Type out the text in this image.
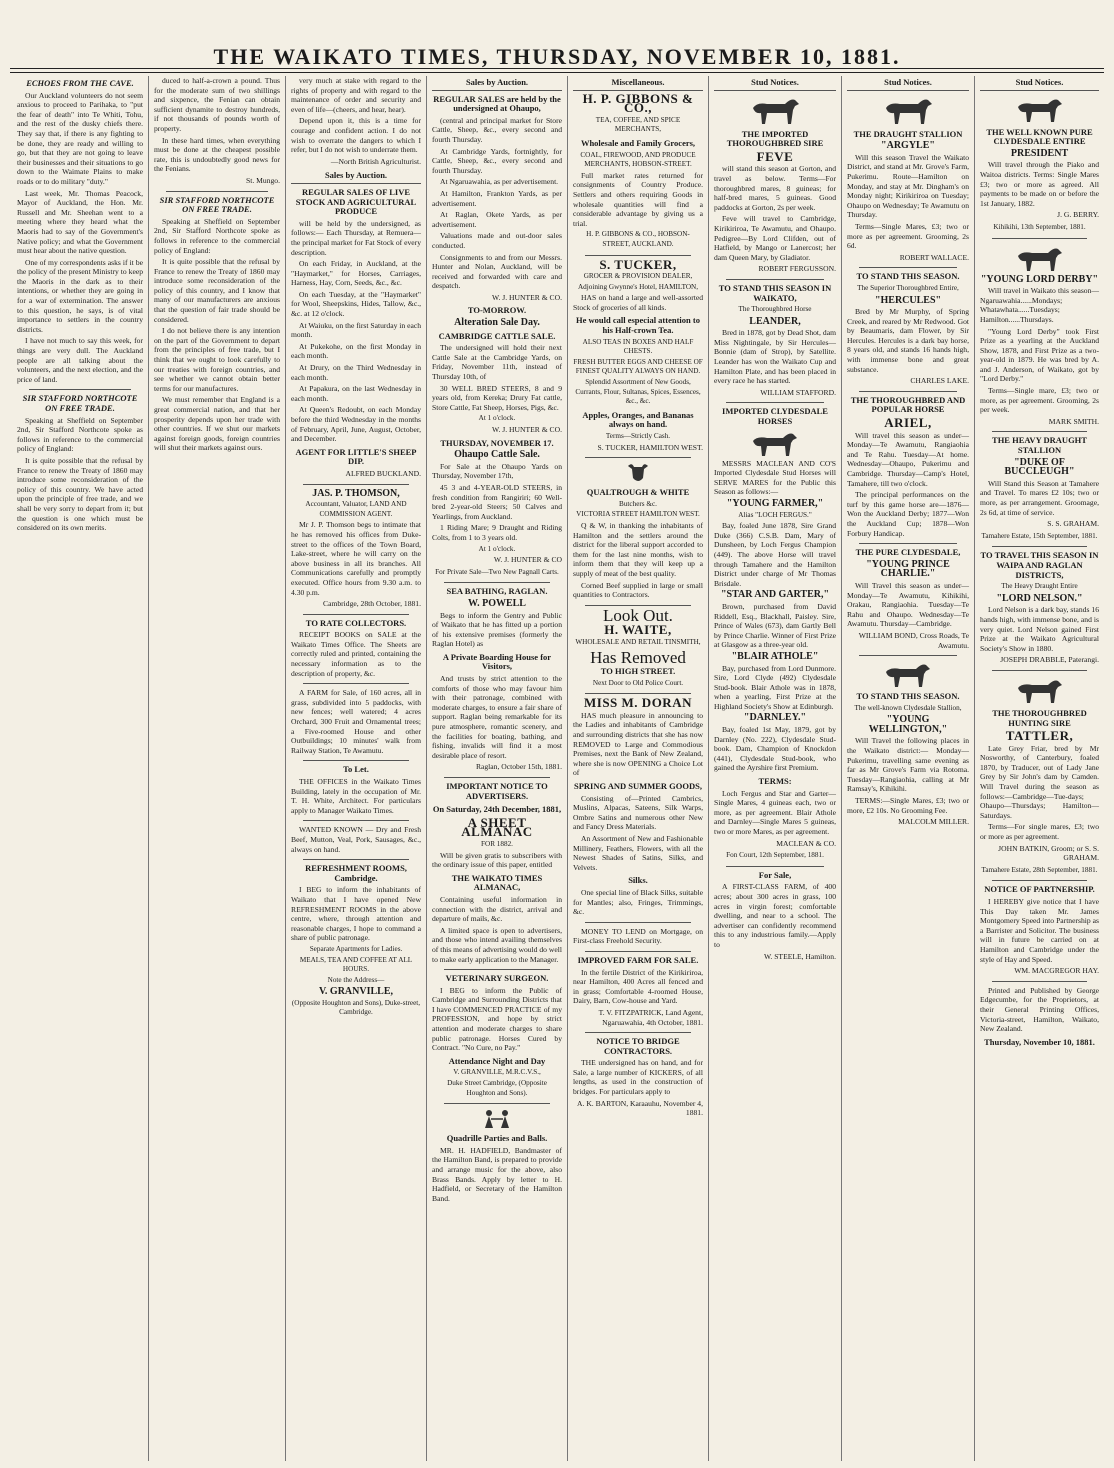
THE WAIKATO TIMES, THURSDAY, NOVEMBER 10, 1881.
ECHOES FROM THE CAVE.

Our Auckland volunteers do not seem anxious to proceed to Parihaka, to "put the fear of death" into Te Whiti, Tohu, and the rest of the dusky chiefs there. They say that, if there is any fighting to be done, they are ready and willing to go, but that they are not going to leave their businesses and their situations to go down to the Waimate Plains to make roads or to do military "duty."

Last week, Mr. Thomas Peacock, Mayor of Auckland, the Hon. Mr. Russell and Mr. Sheehan went to a meeting where they heard what the Maoris had to say of the Government's Native policy; and what the Government must hear about the native question.

One of my correspondents asks if it be the policy of the present Ministry to keep the Maoris in the dark as to their intentions, or whether they are going in for a war of extermination. The answer to this question, he says, is of vital importance to settlers in the country districts.

I have not much to say this week, for things are very dull. The Auckland people are all talking about the volunteers, and the next election, and the price of land.

SIR STAFFORD NORTHCOTE ON FREE TRADE.

Speaking at Sheffield on September 2nd, Sir Stafford Northcote spoke as follows in reference to the commercial policy of England:

It is quite possible that the refusal by France to renew the Treaty of 1860 may introduce some reconsideration of the policy of this country. We have acted upon the principle of free trade, and we shall be very sorry to depart from it; but the question is one which must be considered on its own merits.

duced to half-a-crown a pound. Thus for the moderate sum of two shillings and sixpence, the Fenian can obtain sufficient dynamite to destroy hundreds, if not thousands of pounds worth of property.

In these hard times, when everything must be done at the cheapest possible rate, this is undoubtedly good news for the Fenians.

St. Mungo.
SIR STAFFORD NORTHCOTE ON FREE TRADE.

Speaking at Sheffield on September 2nd, Sir Stafford Northcote spoke as follows in reference to the commercial policy of England:

It is quite possible that the refusal by France to renew the Treaty of 1860 may introduce some reconsideration of the policy of this country, and I know that many of our manufacturers are anxious that the question of fair trade should be considered.

I do not believe there is any intention on the part of the Government to depart from the principles of free trade, but I think that we ought to look carefully to our treaties with foreign countries, and see whether we cannot obtain better terms for our manufactures.

We must remember that England is a great commercial nation, and that her prosperity depends upon her trade with other countries. If we shut our markets against foreign goods, foreign countries will shut their markets against ours.

very much at stake with regard to the rights of property and with regard to the maintenance of order and security and even of life—(cheers, and hear, hear).

Depend upon it, this is a time for courage and confident action. I do not wish to overrate the dangers to which I refer, but I do not wish to underrate them.

—North British Agriculturist.
Sales by Auction.
REGULAR SALES OF LIVE STOCK AND AGRICULTURAL PRODUCE

will be held by the undersigned, as follows:— Each Thursday, at Remuera—the principal market for Fat Stock of every description.

On each Friday, in Auckland, at the "Haymarket," for Horses, Carriages, Harness, Hay, Corn, Seeds, &c., &c.

On each Tuesday, at the "Haymarket" for Wool, Sheepskins, Hides, Tallow, &c., &c. at 12 o'clock.

At Waiuku, on the first Saturday in each month.

At Pukekohe, on the first Monday in each month.

At Drury, on the Third Wednesday in each month.

At Papakura, on the last Wednesday in each month.

At Queen's Redoubt, on each Monday before the third Wednesday in the months of February, April, June, August, October, and December.

AGENT FOR LITTLE'S SHEEP DIP.
ALFRED BUCKLAND.
JAS. P. THOMSON,
Accountant, Valuator, LAND AND COMMISSION AGENT.

Mr J. P. Thomson begs to intimate that he has removed his offices from Duke-street to the offices of the Town Board, Lake-street, where he will carry on the above business in all its branches. All Communications carefully and promptly executed. Office hours from 9.30 a.m. to 4.30 p.m.

Cambridge, 28th October, 1881.
TO RATE COLLECTORS.

RECEIPT BOOKS on SALE at the Waikato Times Office. The Sheets are correctly ruled and printed, containing the necessary information as to the description of property, &c.

A FARM for Sale, of 160 acres, all in grass, subdivided into 5 paddocks, with new fences; well watered; 4 acres Orchard, 300 Fruit and Ornamental trees; a Five-roomed House and other Outbuildings; 10 minutes' walk from Railway Station, Te Awamutu.

To Let.

THE OFFICES in the Waikato Times Building, lately in the occupation of Mr. T. H. White, Architect. For particulars apply to Manager Waikato Times.

WANTED KNOWN — Dry and Fresh Beef, Mutton, Veal, Pork, Sausages, &c., always on hand.

REFRESHMENT ROOMS, Cambridge.

I BEG to inform the inhabitants of Waikato that I have opened New REFRESHMENT ROOMS in the above centre, where, through attention and reasonable charges, I hope to command a share of public patronage.

Separate Apartments for Ladies.
MEALS, TEA AND COFFEE AT ALL HOURS.
Note the Address—
V. GRANVILLE,
(Opposite Houghton and Sons), Duke-street, Cambridge.
Sales by Auction.
REGULAR SALES are held by the undersigned at Ohaupo,

(central and principal market for Store Cattle, Sheep, &c., every second and fourth Thursday.

At Cambridge Yards, fortnightly, for Cattle, Sheep, &c., every second and fourth Thursday.

At Ngaruawahia, as per advertisement.

At Hamilton, Frankton Yards, as per advertisement.

At Raglan, Okete Yards, as per advertisement.

Valuations made and out-door sales conducted.

Consignments to and from our Messrs. Hunter and Nolan, Auckland, will be received and forwarded with care and despatch.

W. J. HUNTER & CO.
TO-MORROW.
Alteration Sale Day.
CAMBRIDGE CATTLE SALE.

The undersigned will hold their next Cattle Sale at the Cambridge Yards, on Friday, November 11th, instead of Thursday 10th, of

30 WELL BRED STEERS, 8 and 9 years old, from Kereka; Drury Fat cattle, Store Cattle, Fat Sheep, Horses, Pigs, &c.

At 1 o'clock.
W. J. HUNTER & CO.
THURSDAY, NOVEMBER 17.
Ohaupo Cattle Sale.

For Sale at the Ohaupo Yards on Thursday, November 17th,

45 3 and 4-YEAR-OLD STEERS, in fresh condition from Rangiriri; 60 Well-bred 2-year-old Steers; 50 Calves and Yearlings, from Auckland.

1 Riding Mare; 9 Draught and Riding Colts, from 1 to 3 years old.

At 1 o'clock.
W. J. HUNTER & CO
For Private Sale—Two New Pagnall Carts.
SEA BATHING, RAGLAN.
W. POWELL

Begs to inform the Gentry and Public of Waikato that he has fitted up a portion of his extensive premises (formerly the Raglan Hotel) as

A Private Boarding House for Visitors,

And trusts by strict attention to the comforts of those who may favour him with their patronage, combined with moderate charges, to ensure a fair share of support. Raglan being remarkable for its pure atmosphere, romantic scenery, and the facilities for boating, bathing, and fishing, invalids will find it a most desirable place of resort.

Raglan, October 15th, 1881.
IMPORTANT NOTICE TO ADVERTISERS.
On Saturday, 24th December, 1881,
A SHEET ALMANAC
FOR 1882.

Will be given gratis to subscribers with the ordinary issue of this paper, entitled

THE WAIKATO TIMES ALMANAC,

Containing useful information in connection with the district, arrival and departure of mails, &c.

A limited space is open to advertisers, and those who intend availing themselves of this means of advertising would do well to make early application to the Manager.

VETERINARY SURGEON.

I BEG to inform the Public of Cambridge and Surrounding Districts that I have COMMENCED PRACTICE of my PROFESSION, and hope by strict attention and moderate charges to share public patronage. Horses Cured by Contract. "No Cure, no Pay."

Attendance Night and Day
V. GRANVILLE, M.R.C.V.S.,
Duke Street Cambridge, (Opposite Houghton and Sons).
Quadrille Parties and Balls.

MR. H. HADFIELD, Bandmaster of the Hamilton Band, is prepared to provide and arrange music for the above, also Brass Bands. Apply by letter to H. Hadfield, or Secretary of the Hamilton Band.

Miscellaneous.
H. P. GIBBONS & CO.,
TEA, COFFEE, AND SPICE MERCHANTS,
Wholesale and Family Grocers,
COAL, FIREWOOD, AND PRODUCE MERCHANTS, HOBSON-STREET.

Full market rates returned for consignments of Country Produce. Settlers and others requiring Goods in wholesale quantities will find a considerable advantage by giving us a trial.

H. P. GIBBONS & CO., HOBSON-STREET, AUCKLAND.
S. TUCKER,
GROCER & PROVISION DEALER,
Adjoining Gwynne's Hotel, HAMILTON,

HAS on hand a large and well-assorted Stock of groceries of all kinds.

He would call especial attention to his Half-crown Tea.
ALSO TEAS IN BOXES AND HALF CHESTS.
FRESH BUTTER EGGS AND CHEESE OF FINEST QUALITY ALWAYS ON HAND.
Splendid Assortment of New Goods, Currants, Flour, Sultanas, Spices, Essences, &c., &c.
Apples, Oranges, and Bananas always on hand.
Terms—Strictly Cash.
S. TUCKER, HAMILTON WEST.
QUALTROUGH & WHITE
Butchers &c.
VICTORIA STREET HAMILTON WEST.

Q & W, in thanking the inhabitants of Hamilton and the settlers around the district for the liberal support accorded to them for the last nine months, wish to inform them that they will keep up a supply of meat of the best quality.

Corned Beef supplied in large or small quantities to Contractors.

Look Out.
H. WAITE,
WHOLESALE AND RETAIL TINSMITH,
Has Removed
TO HIGH STREET.
Next Door to Old Police Court.
MISS M. DORAN

HAS much pleasure in announcing to the Ladies and inhabitants of Cambridge and surrounding districts that she has now REMOVED to Large and Commodious Premises, next the Bank of New Zealand, where she is now OPENING a Choice Lot of

SPRING AND SUMMER GOODS,

Consisting of—Printed Cambrics, Muslins, Alpacas, Sateens, Silk Warps, Ombre Satins and numerous other New and Fancy Dress Materials.

An Assortment of New and Fashionable Millinery, Feathers, Flowers, with all the Newest Shades of Satins, Silks, and Velvets.

Silks.

One special line of Black Silks, suitable for Mantles; also, Fringes, Trimmings, &c.

MONEY TO LEND on Mortgage, on First-class Freehold Security.

IMPROVED FARM FOR SALE.

In the fertile District of the Kirikiriroa, near Hamilton, 400 Acres all fenced and in grass; Comfortable 4-roomed House, Dairy, Barn, Cow-house and Yard.

T. V. FITZPATRICK, Land Agent, Ngaruawahia, 4th October, 1881.
NOTICE TO BRIDGE CONTRACTORS.

THE undersigned has on hand, and for Sale, a large number of KICKERS, of all lengths, as used in the construction of bridges. For particulars apply to

A. K. BARTON, Karaauhu, November 4, 1881.
Stud Notices.
THE IMPORTED THOROUGHBRED SIRE
FEVE

will stand this season at Gorton, and travel as below. Terms—For thoroughbred mares, 8 guineas; for half-bred mares, 5 guineas. Good paddocks at Gorton, 2s per week.

Feve will travel to Cambridge, Kirikiriroa, Te Awamutu, and Ohaupo. Pedigree—By Lord Clifden, out of Hatfield, by Mango or Lanercost; her dam Queen Mary, by Gladiator.

ROBERT FERGUSSON.
TO STAND THIS SEASON IN WAIKATO,
The Thoroughbred Horse
LEANDER,

Bred in 1878, got by Dead Shot, dam Miss Nightingale, by Sir Hercules—Bonnie (dam of Strop), by Satellite. Leander has won the Waikato Cup and Hamilton Plate, and has been placed in every race he has started.

WILLIAM STAFFORD.
IMPORTED CLYDESDALE HORSES

MESSRS MACLEAN AND CO'S Imported Clydesdale Stud Horses will SERVE MARES for the Public this Season as follows:—

"YOUNG FARMER,"
Alias "LOCH FERGUS."

Bay, foaled June 1878, Sire Grand Duke (366) C.S.B. Dam, Mary of Dunsheen, by Loch Fergus Champion (449). The above Horse will travel through Tamahere and the Hamilton District under charge of Mr Thomas Brisdale.

"STAR AND GARTER,"

Brown, purchased from David Riddell, Esq., Blackhall, Paisley. Sire, Prince of Wales (673), dam Gartly Bell by Prince Charlie. Winner of First Prize at Glasgow as a three-year old.

"BLAIR ATHOLE"

Bay, purchased from Lord Dunmore. Sire, Lord Clyde (492) Clydesdale Stud-book. Blair Athole was in 1878, when a yearling, First Prize at the Highland Society's Show at Edinburgh.

"DARNLEY."

Bay, foaled 1st May, 1879, got by Darnley (No. 222), Clydesdale Stud-book. Dam, Champion of Knockdon (441), Clydesdale Stud-book, who gained the Ayrshire first Premium.

TERMS:

Loch Fergus and Star and Garter—Single Mares, 4 guineas each, two or more, as per agreement. Blair Athole and Darnley—Single Mares 5 guineas, two or more Mares, as per agreement.

MACLEAN & CO.
Fon Court, 12th September, 1881.
For Sale,

A FIRST-CLASS FARM, of 400 acres; about 300 acres in grass, 100 acres in virgin forest; comfortable dwelling, and near to a school. The advertiser can confidently recommend this to any industrious family.—Apply to

W. STEELE, Hamilton.
Stud Notices.
THE DRAUGHT STALLION
"ARGYLE"

Will this season Travel the Waikato District, and stand at Mr. Grove's Farm, Pukerimu. Route—Hamilton on Monday, and stay at Mr. Dingham's on Monday night; Kirikiriroa on Tuesday; Ohaupo on Wednesday; Te Awamutu on Thursday.

Terms—Single Mares, £3; two or more as per agreement. Grooming, 2s 6d.

ROBERT WALLACE.
TO STAND THIS SEASON.
The Superior Thoroughbred Entire,
"HERCULES"

Bred by Mr Murphy, of Spring Creek, and reared by Mr Redwood. Got by Beaumaris, dam Flower, by Sir Hercules. Hercules is a dark bay horse, 8 years old, and stands 16 hands high, with immense bone and great substance.

CHARLES LAKE.
THE THOROUGHBRED AND POPULAR HORSE
ARIEL,

Will travel this season as under—Monday—Te Awamutu, Rangiaohia and Te Rahu. Tuesday—At home. Wednesday—Ohaupo, Pukerimu and Cambridge. Thursday—Camp's Hotel, Tamahere, till two o'clock.

The principal performances on the turf by this game horse are—1876—Won the Auckland Derby; 1877—Won the Auckland Cup; 1878—Won Forbury Handicap.

THE PURE CLYDESDALE,
"YOUNG PRINCE CHARLIE."

Will Travel this season as under—Monday—Te Awamutu, Kihikihi, Orakau, Rangiaohia. Tuesday—Te Rahu and Ohaupo. Wednesday—Te Awamutu. Thursday—Cambridge.

WILLIAM BOND, Cross Roads, Te Awamutu.
TO STAND THIS SEASON.
The well-known Clydesdale Stallion,
"YOUNG WELLINGTON,"

Will Travel the following places in the Waikato district:— Monday—Pukerimu, travelling same evening as far as Mr Grove's Farm via Rotoma. Tuesday—Rangiaohia, calling at Mr Ramsay's, Kihikihi.

TERMS:—Single Mares, £3; two or more, £2 10s. No Grooming Fee.

MALCOLM MILLER.
Stud Notices.
THE WELL KNOWN PURE CLYDESDALE ENTIRE
PRESIDENT

Will travel through the Piako and Waitoa districts. Terms: Single Mares £3; two or more as agreed. All payments to be made on or before the 1st January, 1882.

J. G. BERRY.
Kihikihi, 13th September, 1881.
"YOUNG LORD DERBY"

Will travel in Waikato this season— Ngaruawahia......Mondays; Whatawhata......Tuesdays; Hamilton......Thursdays.

"Young Lord Derby" took First Prize as a yearling at the Auckland Show, 1878, and First Prize as a two-year-old in 1879. He was bred by A. and J. Anderson, of Waikato, got by "Lord Derby."

Terms—Single mare, £3; two or more, as per agreement. Grooming, 2s per week.

MARK SMITH.
THE HEAVY DRAUGHT STALLION
"DUKE OF BUCCLEUGH"

Will Stand this Season at Tamahere and Travel. To mares £2 10s; two or more, as per arrangement. Groomage, 2s 6d, at time of service.

S. S. GRAHAM.
Tamahere Estate, 15th September, 1881.
TO TRAVEL THIS SEASON IN WAIPA AND RAGLAN DISTRICTS,
The Heavy Draught Entire
"LORD NELSON."

Lord Nelson is a dark bay, stands 16 hands high, with immense bone, and is very quiet. Lord Nelson gained First Prize at the Waikato Agricultural Society's Show in 1880.

JOSEPH DRABBLE, Paterangi.
THE THOROUGHBRED HUNTING SIRE
TATTLER,

Late Grey Friar, bred by Mr Nosworthy, of Canterbury, foaled 1870, by Traducer, out of Lady Jane Grey by Sir John's dam by Camden. Will Travel during the season as follows:—Cambridge—Tue-days; Ohaupo—Thursdays; Hamilton—Saturdays.

Terms—For single mares, £3; two or more as per agreement.

JOHN BATKIN, Groom; or S. S. GRAHAM.
Tamahere Estate, 28th September, 1881.
NOTICE OF PARTNERSHIP.

I HEREBY give notice that I have This Day taken Mr. James Montgomery Speed into Partnership as a Barrister and Solicitor. The business will in future be carried on at Hamilton and Cambridge under the style of Hay and Speed.

WM. MACGREGOR HAY.

Printed and Published by George Edgecumbe, for the Proprietors, at their General Printing Offices, Victoria-street, Hamilton, Waikato, New Zealand.

Thursday, November 10, 1881.
